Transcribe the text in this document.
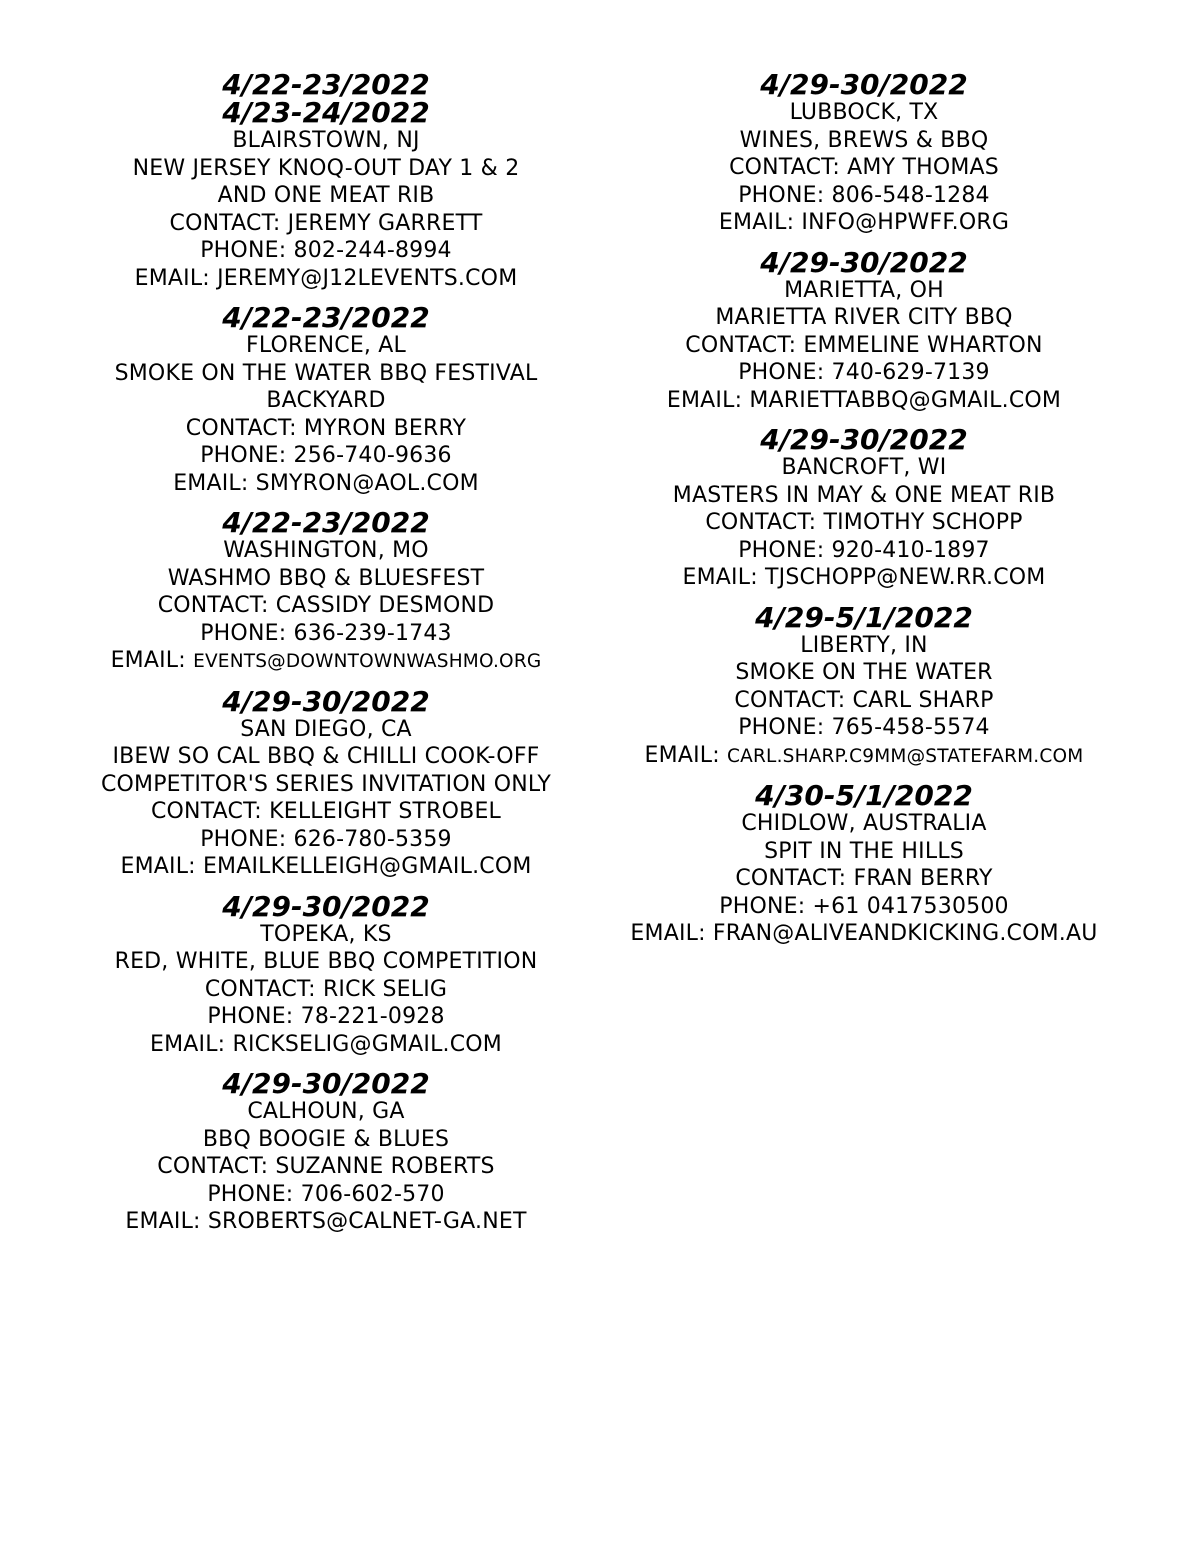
4/22-23/2022
4/23-24/2022
BLAIRSTOWN, NJ
NEW JERSEY KNOQ-OUT DAY 1 & 2
AND ONE MEAT RIB
CONTACT: JEREMY GARRETT
PHONE: 802-244-8994
EMAIL: JEREMY@J12LEVENTS.COM
4/22-23/2022
FLORENCE, AL
SMOKE ON THE WATER BBQ FESTIVAL
BACKYARD
CONTACT: MYRON BERRY
PHONE: 256-740-9636
EMAIL: SMYRON@AOL.COM
4/22-23/2022
WASHINGTON, MO
WASHMO BBQ & BLUESFEST
CONTACT: CASSIDY DESMOND
PHONE: 636-239-1743
EMAIL: EVENTS@DOWNTOWNWASHMO.ORG
4/29-30/2022
SAN DIEGO, CA
IBEW SO CAL BBQ & CHILLI COOK-OFF
COMPETITOR'S SERIES INVITATION ONLY
CONTACT: KELLEIGHT STROBEL
PHONE: 626-780-5359
EMAIL: EMAILKELLEIGH@GMAIL.COM
4/29-30/2022
TOPEKA, KS
RED, WHITE, BLUE BBQ COMPETITION
CONTACT: RICK SELIG
PHONE: 78-221-0928
EMAIL: RICKSELIG@GMAIL.COM
4/29-30/2022
CALHOUN, GA
BBQ BOOGIE & BLUES
CONTACT: SUZANNE ROBERTS
PHONE: 706-602-570
EMAIL: SROBERTS@CALNET-GA.NET
4/29-30/2022
LUBBOCK, TX
WINES, BREWS & BBQ
CONTACT: AMY THOMAS
PHONE: 806-548-1284
EMAIL: INFO@HPWFF.ORG
4/29-30/2022
MARIETTA, OH
MARIETTA RIVER CITY BBQ
CONTACT: EMMELINE WHARTON
PHONE: 740-629-7139
EMAIL: MARIETTABBQ@GMAIL.COM
4/29-30/2022
BANCROFT, WI
MASTERS IN MAY & ONE MEAT RIB
CONTACT: TIMOTHY SCHOPP
PHONE: 920-410-1897
EMAIL: TJSCHOPP@NEW.RR.COM
4/29-5/1/2022
LIBERTY, IN
SMOKE ON THE WATER
CONTACT: CARL SHARP
PHONE: 765-458-5574
EMAIL: CARL.SHARP.C9MM@STATEFARM.COM
4/30-5/1/2022
CHIDLOW, AUSTRALIA
SPIT IN THE HILLS
CONTACT: FRAN BERRY
PHONE: +61 0417530500
EMAIL: FRAN@ALIVEANDKICKING.COM.AU
